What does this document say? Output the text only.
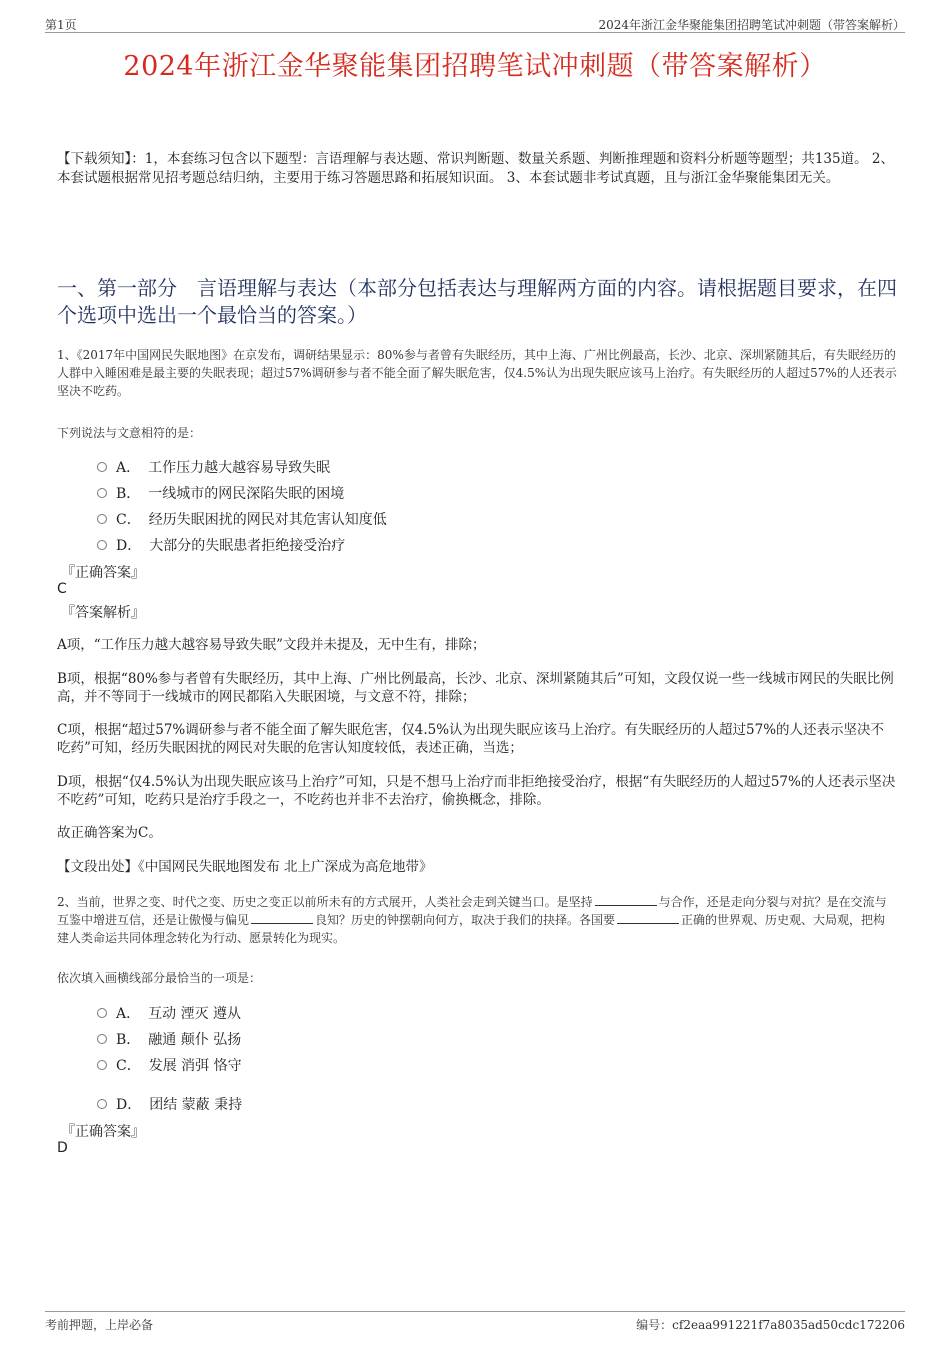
第1页	2024年浙江金华聚能集团招聘笔试冲刺题（带答案解析）
2024年浙江金华聚能集团招聘笔试冲刺题（带答案解析）
【下载须知】：1，本套练习包含以下题型：言语理解与表达题、常识判断题、数量关系题、判断推理题和资料分析题等题型；共135道。 2、本套试题根据常见招考题总结归纳，主要用于练习答题思路和拓展知识面。 3、本套试题非考试真题，且与浙江金华聚能集团无关。
一、第一部分　言语理解与表达（本部分包括表达与理解两方面的内容。请根据题目要求，在四个选项中选出一个最恰当的答案。）
1、《2017年中国网民失眠地图》在京发布，调研结果显示：80%参与者曾有失眠经历，其中上海、广州比例最高，长沙、北京、深圳紧随其后，有失眠经历的人群中入睡困难是最主要的失眠表现；超过57%调研参与者不能全面了解失眠危害，仅4.5%认为出现失眠应该马上治疗。有失眠经历的人超过57%的人还表示坚决不吃药。
下列说法与文意相符的是：
A． 工作压力越大越容易导致失眠
B． 一线城市的网民深陷失眠的困境
C． 经历失眠困扰的网民对其危害认知度低
D． 大部分的失眠患者拒绝接受治疗
『正确答案』
C
『答案解析』
A项，“工作压力越大越容易导致失眠”文段并未提及，无中生有，排除；
B项，根据“80%参与者曾有失眠经历，其中上海、广州比例最高，长沙、北京、深圳紧随其后”可知，文段仅说一些一线城市网民的失眠比例高，并不等同于一线城市的网民都陷入失眠困境，与文意不符，排除；
C项，根据“超过57%调研参与者不能全面了解失眠危害，仅4.5%认为出现失眠应该马上治疗。有失眠经历的人超过57%的人还表示坚决不吃药”可知，经历失眠困扰的网民对失眠的危害认知度较低，表述正确，当选；
D项，根据“仅4.5%认为出现失眠应该马上治疗”可知，只是不想马上治疗而非拒绝接受治疗，根据“有失眠经历的人超过57%的人还表示坚决不吃药”可知，吃药只是治疗手段之一，不吃药也并非不去治疗，偷换概念，排除。
故正确答案为C。
【文段出处】《中国网民失眠地图发布 北上广深成为高危地带》
2、当前，世界之变、时代之变、历史之变正以前所未有的方式展开，人类社会走到关键当口。是坚持	与合作，还是走向分裂与对抗？是在交流与互鉴中增进互信，还是让傲慢与偏见	良知？历史的钟摆朝向何方，取决于我们的抉择。各国要	正确的世界观、历史观、大局观，把构建人类命运共同体理念转化为行动、愿景转化为现实。
依次填入画横线部分最恰当的一项是：
A． 互动 湮灭 遵从
B． 融通 颠仆 弘扬
C． 发展 消弭 恪守
D． 团结 蒙蔽 秉持
『正确答案』
D
考前押题，上岸必备	编号：cf2eaa991221f7a8035ad50cdc172206
